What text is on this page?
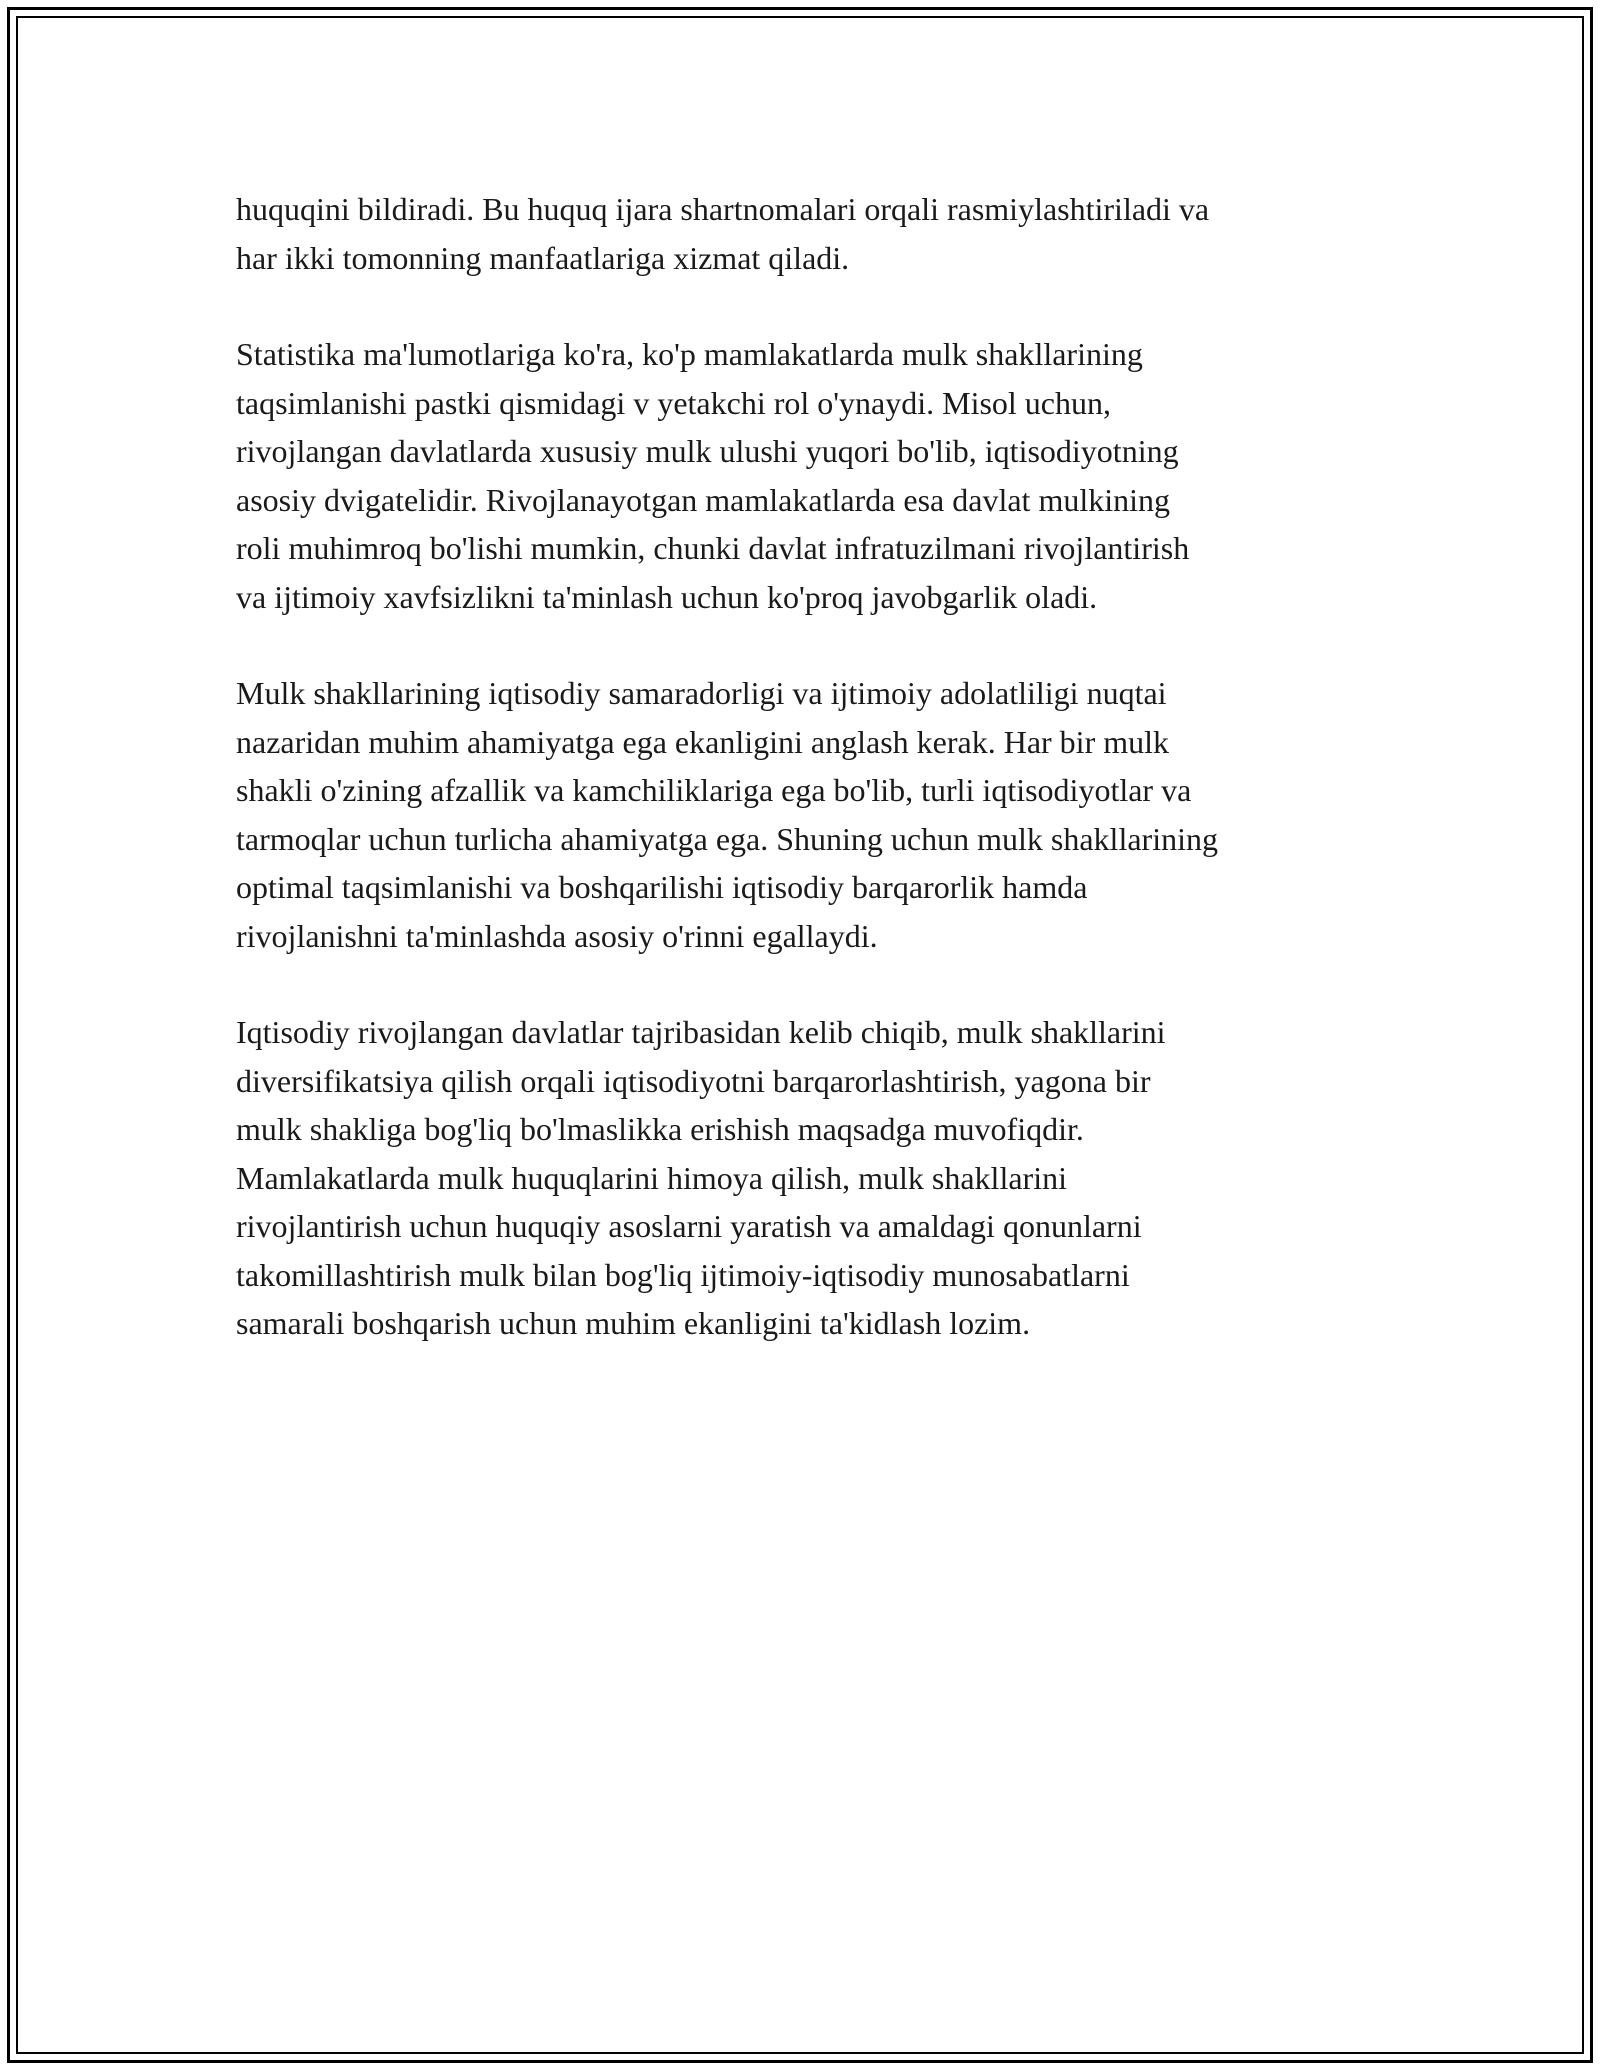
huquqini bildiradi. Bu huquq ijara shartnomalari orqali rasmiylashtiriladi va
har ikki tomonning manfaatlariga xizmat qiladi.

Statistika ma'lumotlariga ko'ra, ko'p mamlakatlarda mulk shakllarining
taqsimlanishi pastki qismidagi v yetakchi rol o'ynaydi. Misol uchun,
rivojlangan davlatlarda xususiy mulk ulushi yuqori bo'lib, iqtisodiyotning
asosiy dvigatelidir. Rivojlanayotgan mamlakatlarda esa davlat mulkining
roli muhimroq bo'lishi mumkin, chunki davlat infratuzilmani rivojlantirish
va ijtimoiy xavfsizlikni ta'minlash uchun ko'proq javobgarlik oladi.

Mulk shakllarining iqtisodiy samaradorligi va ijtimoiy adolatliligi nuqtai
nazaridan muhim ahamiyatga ega ekanligini anglash kerak. Har bir mulk
shakli o'zining afzallik va kamchiliklariga ega bo'lib, turli iqtisodiyotlar va
tarmoqlar uchun turlicha ahamiyatga ega. Shuning uchun mulk shakllarining
optimal taqsimlanishi va boshqarilishi iqtisodiy barqarorlik hamda
rivojlanishni ta'minlashda asosiy o'rinni egallaydi.

Iqtisodiy rivojlangan davlatlar tajribasidan kelib chiqib, mulk shakllarini
diversifikatsiya qilish orqali iqtisodiyotni barqarorlashtirish, yagona bir
mulk shakliga bog'liq bo'lmaslikka erishish maqsadga muvofiqdir.
Mamlakatlarda mulk huquqlarini himoya qilish, mulk shakllarini
rivojlantirish uchun huquqiy asoslarni yaratish va amaldagi qonunlarni
takomillashtirish mulk bilan bog'liq ijtimoiy-iqtisodiy munosabatlarni
samarali boshqarish uchun muhim ekanligini ta'kidlash lozim.
